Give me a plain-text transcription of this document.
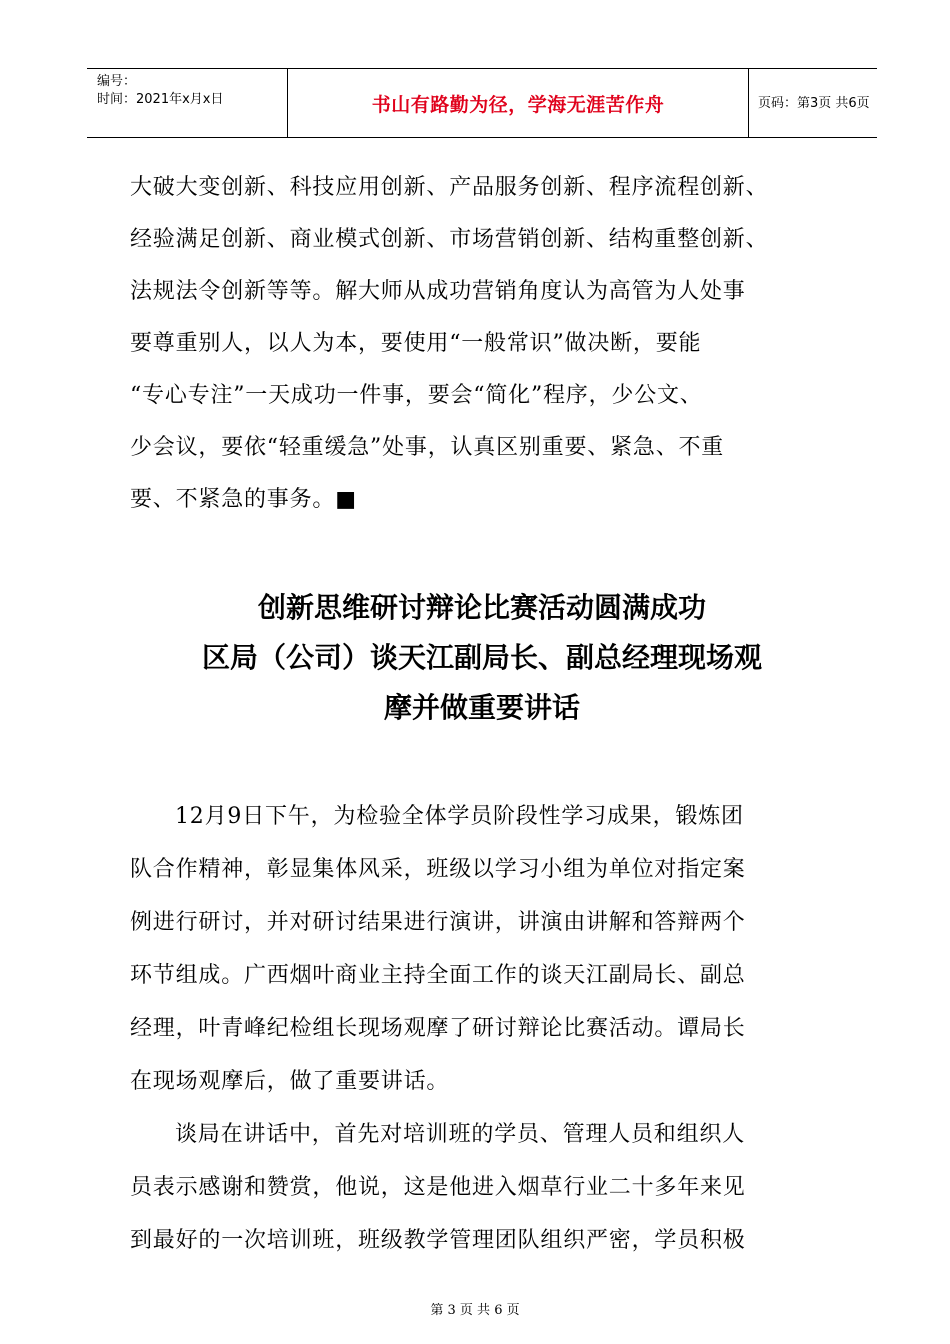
编号：
时间：2021年x月x日	书山有路勤为径，学海无涯苦作舟	页码：第3页 共6页
大破大变创新、科技应用创新、产品服务创新、程序流程创新、
经验满足创新、商业模式创新、市场营销创新、结构重整创新、
法规法令创新等等。解大师从成功营销角度认为高管为人处事
要尊重别人，以人为本，要使用“一般常识”做决断，要能
“专心专注”一天成功一件事，要会“简化”程序，少公文、
少会议，要依“轻重缓急”处事，认真区别重要、紧急、不重
要、不紧急的事务。■
创新思维研讨辩论比赛活动圆满成功
区局（公司）谈天江副局长、副总经理现场观
摩并做重要讲话
12月9日下午，为检验全体学员阶段性学习成果，锻炼团
队合作精神，彰显集体风采，班级以学习小组为单位对指定案
例进行研讨，并对研讨结果进行演讲，讲演由讲解和答辩两个
环节组成。广西烟叶商业主持全面工作的谈天江副局长、副总
经理，叶青峰纪检组长现场观摩了研讨辩论比赛活动。谭局长
在现场观摩后，做了重要讲话。
谈局在讲话中，首先对培训班的学员、管理人员和组织人
员表示感谢和赞赏，他说，这是他进入烟草行业二十多年来见
到最好的一次培训班，班级教学管理团队组织严密，学员积极
第 3 页 共 6 页
